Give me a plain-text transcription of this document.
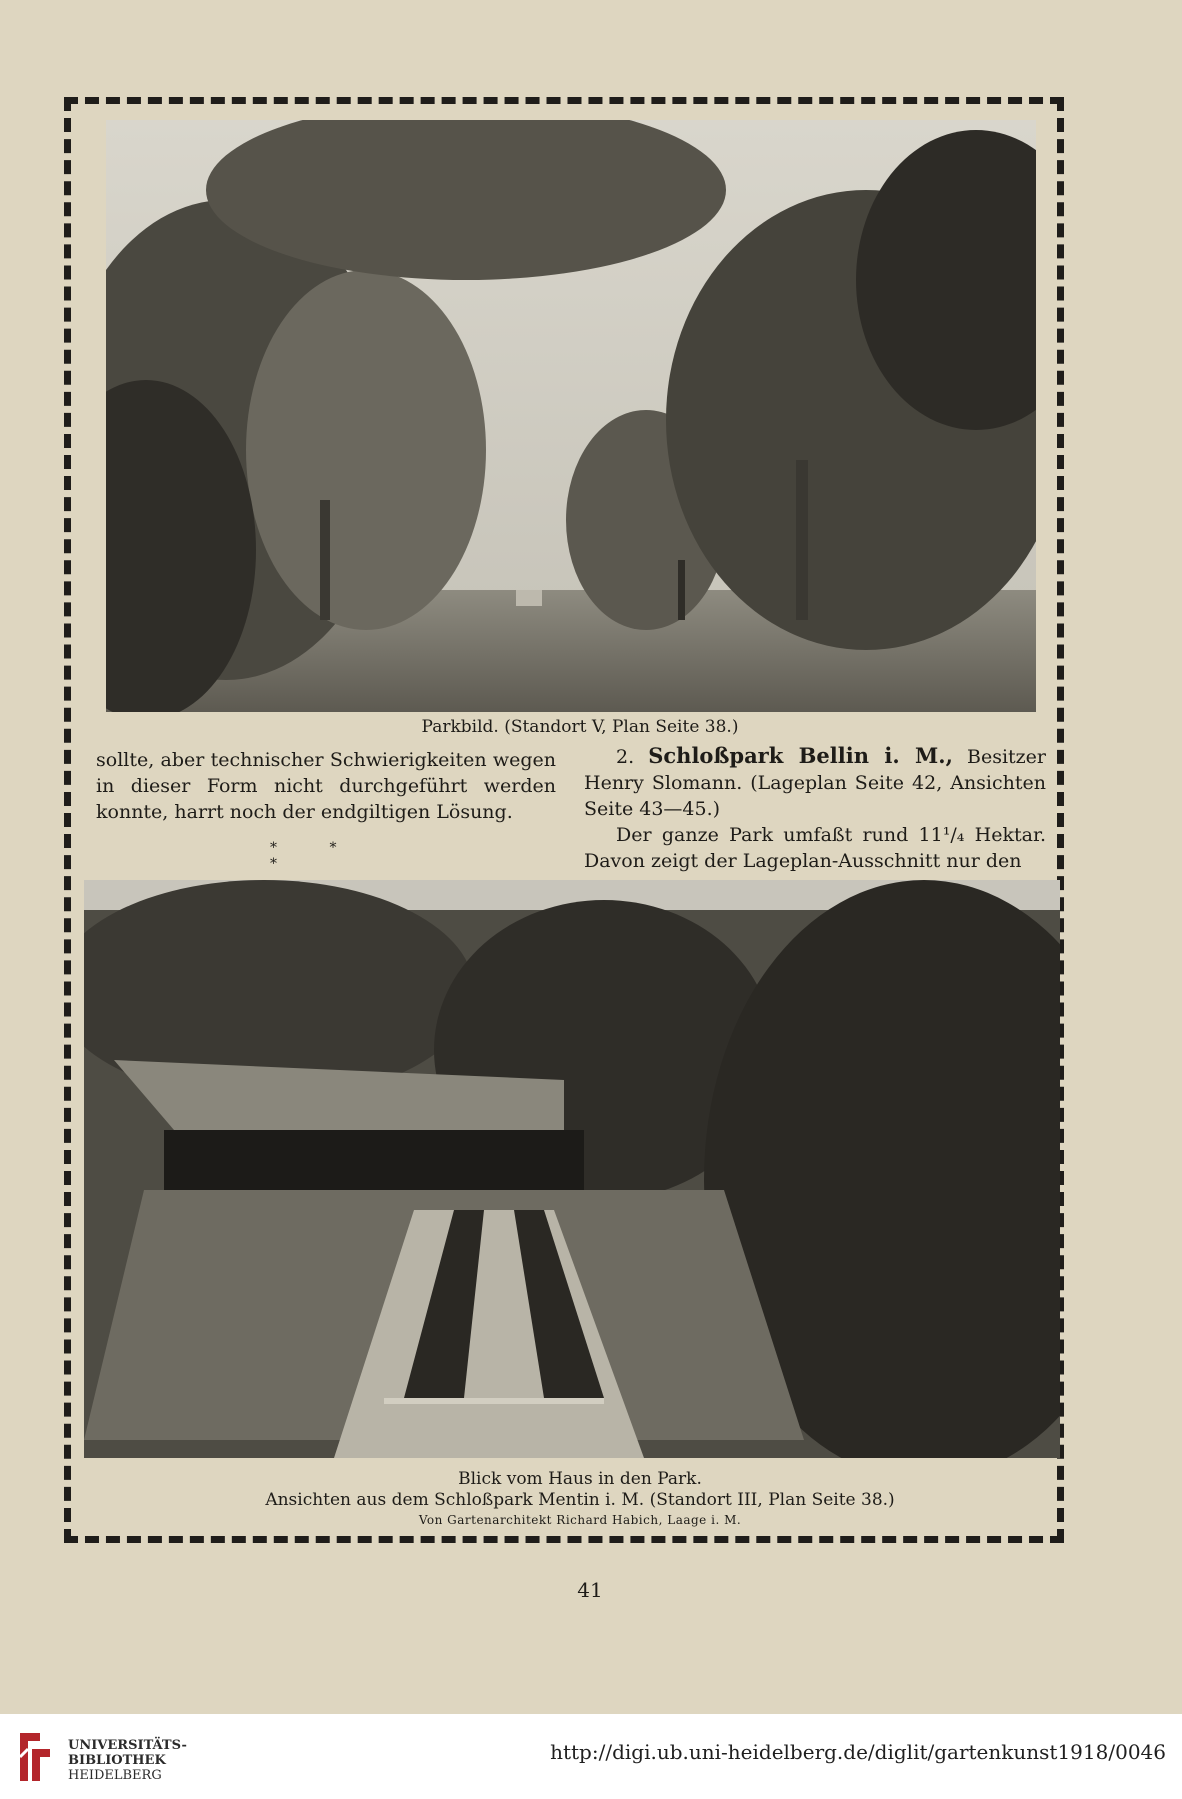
Parkbild. (Standort V, Plan Seite 38.)

sollte, aber technischer Schwierigkeiten wegen in dieser Form nicht durchgeführt werden konnte, harrt noch der endgiltigen Lösung.

* * *

2. Schloßpark Bellin i. M., Besitzer Henry Slomann. (Lageplan Seite 42, Ansichten Seite 43—45.)

Der ganze Park umfaßt rund 11¹/₄ Hektar. Davon zeigt der Lageplan-Ausschnitt nur den

Blick vom Haus in den Park.
Ansichten aus dem Schloßpark Mentin i. M. (Standort III, Plan Seite 38.)
Von Gartenarchitekt Richard Habich, Laage i. M.
41
UNIVERSITÄTS-
BIBLIOTHEK
HEIDELBERG
http://digi.ub.uni-heidelberg.de/diglit/gartenkunst1918/0046
